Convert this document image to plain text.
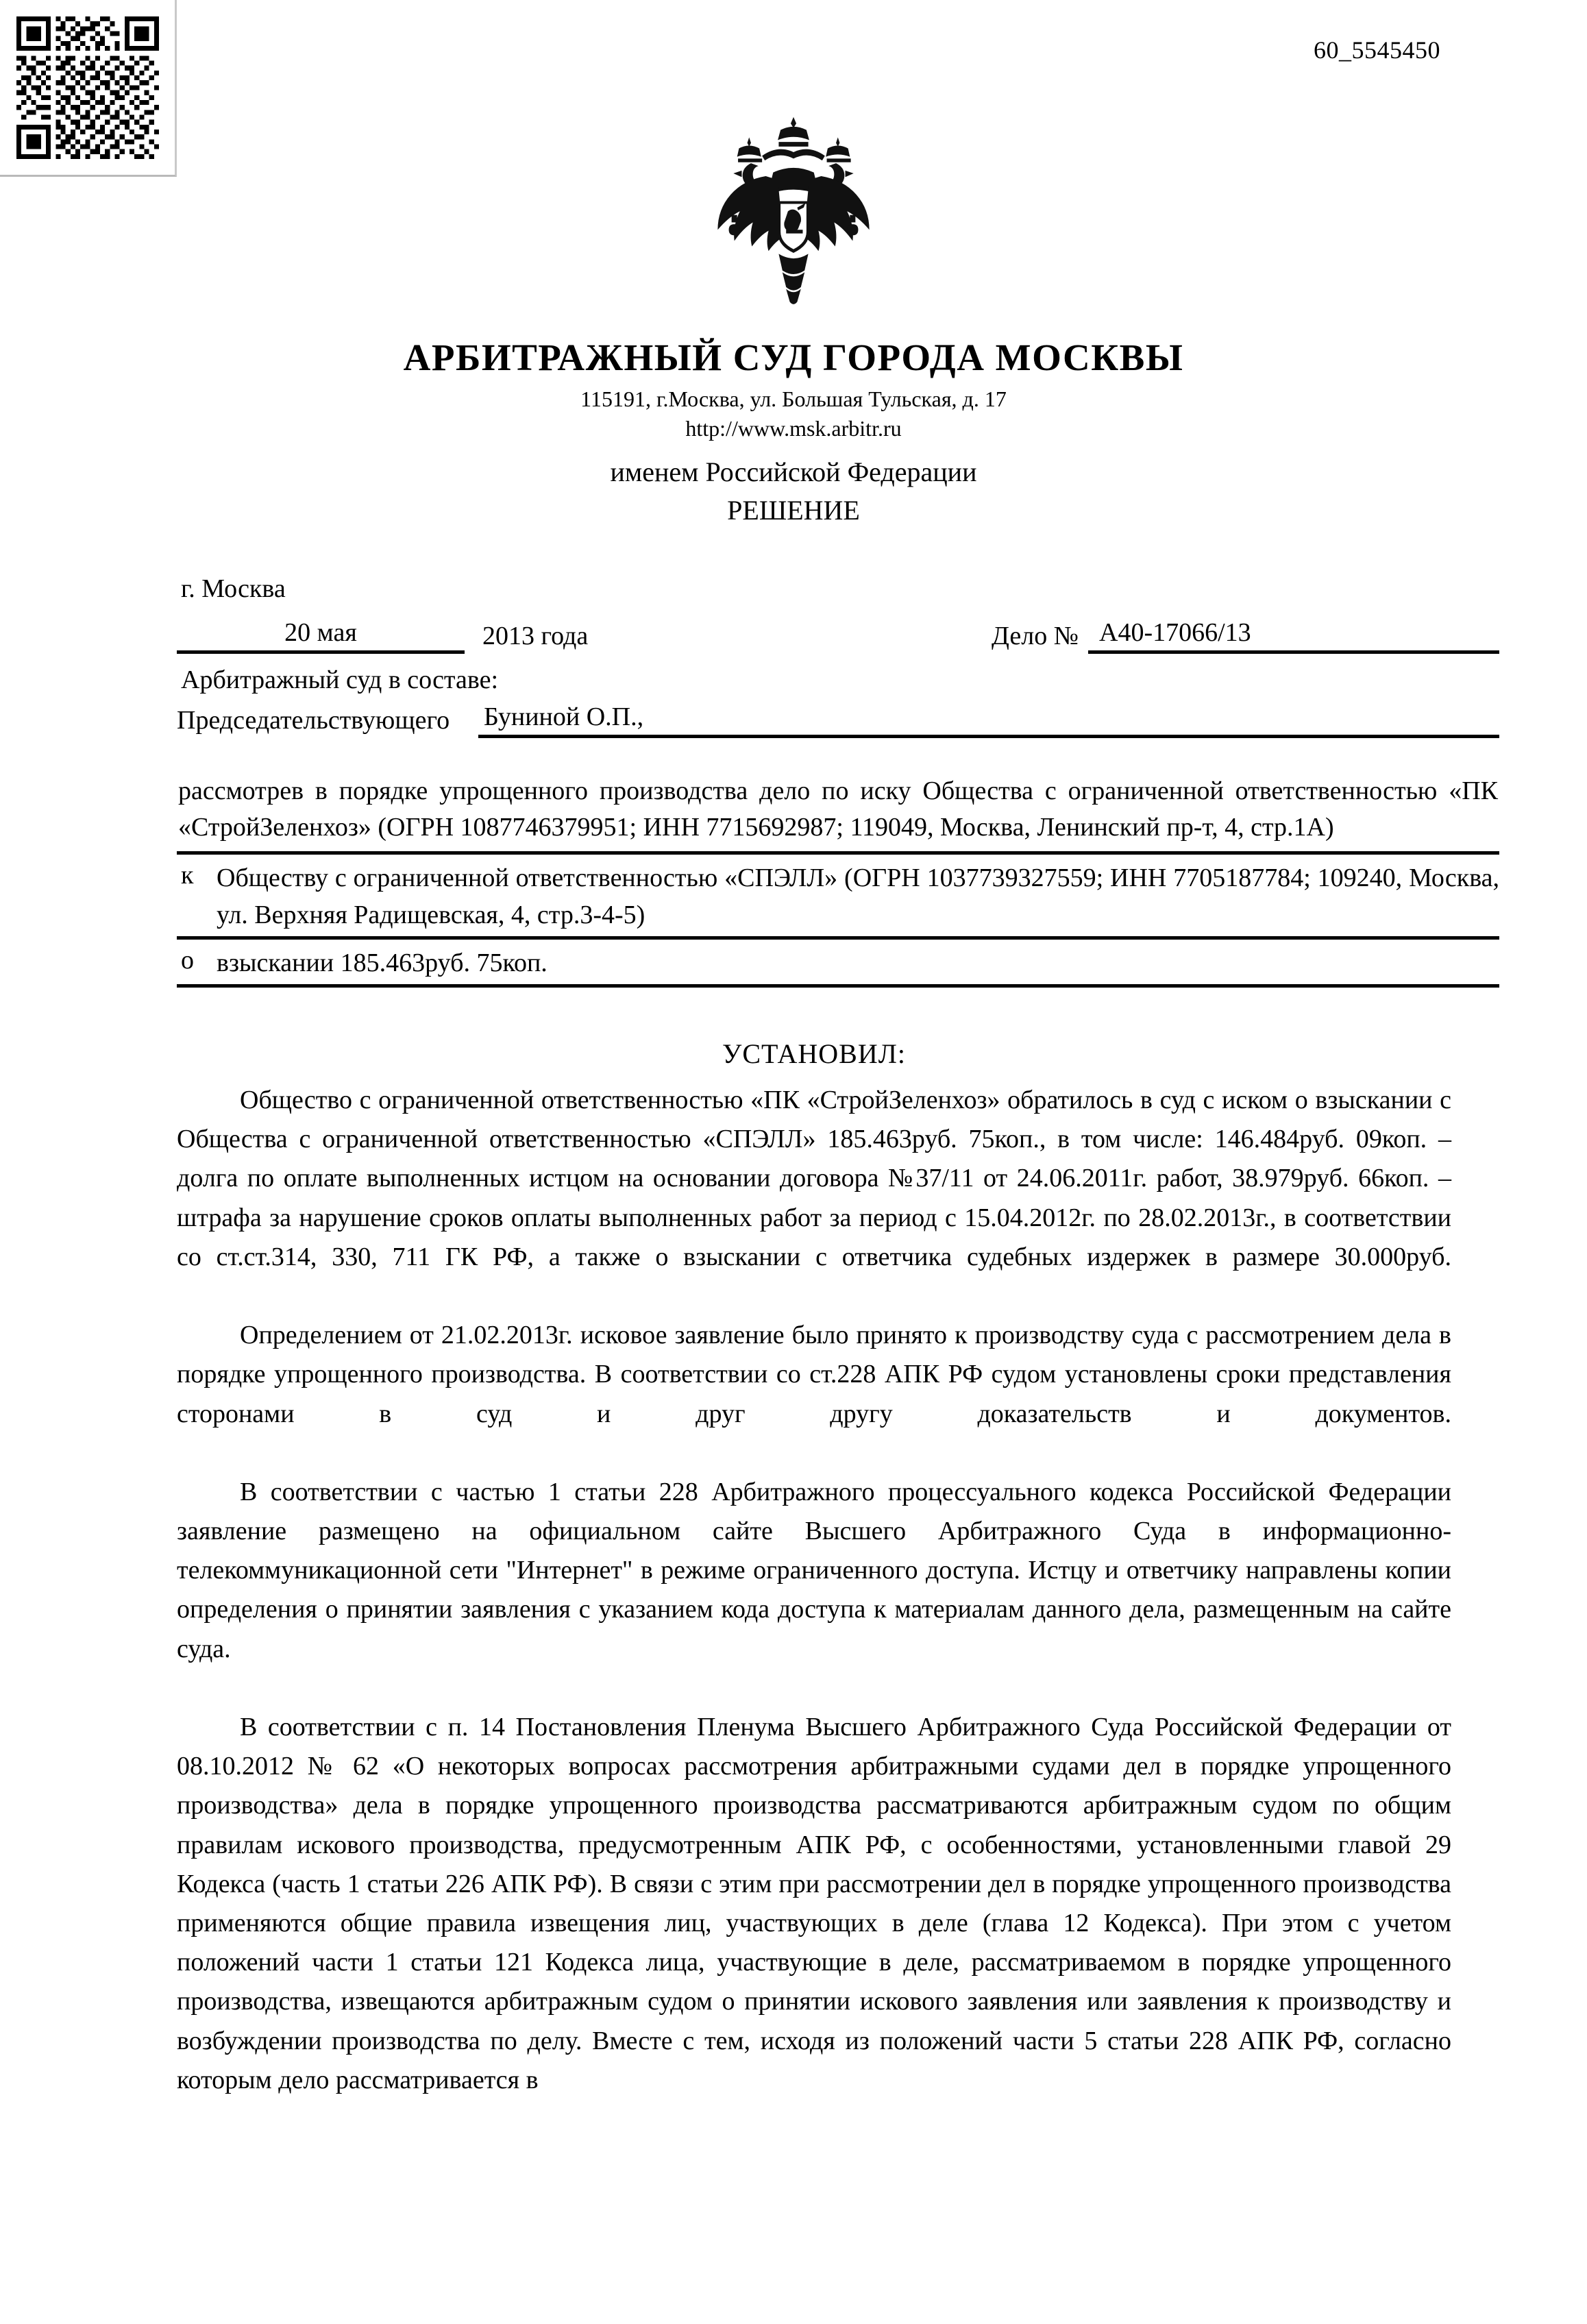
60_5545450
АРБИТРАЖНЫЙ СУД ГОРОДА МОСКВЫ
115191, г.Москва, ул. Большая Тульская, д. 17
http://www.msk.arbitr.ru
именем Российской Федерации
РЕШЕНИЕ
г. Москва
20 мая	2013 года	Дело № А40-17066/13
Арбитражный суд в составе:
Председательствующего	Буниной О.П.,

рассмотрев в порядке упрощенного производства дело по иску Общества с ограниченной ответственностью «ПК «СтройЗеленхоз» (ОГРН 1087746379951; ИНН 7715692987; 119049, Москва, Ленинский пр-т, 4, стр.1А)

к Обществу с ограниченной ответственностью «СПЭЛЛ» (ОГРН 1037739327559; ИНН 7705187784; 109240, Москва, ул. Верхняя Радищевская, 4, стр.3-4-5)
о взыскании 185.463руб. 75коп.
УСТАНОВИЛ:

Общество с ограниченной ответственностью «ПК «СтройЗеленхоз» обратилось в суд с иском о взыскании с Общества с ограниченной ответственностью «СПЭЛЛ» 185.463руб. 75коп., в том числе: 146.484руб. 09коп. – долга по оплате выполненных истцом на основании договора №37/11 от 24.06.2011г. работ, 38.979руб. 66коп. – штрафа за нарушение сроков оплаты выполненных работ за период с 15.04.2012г. по 28.02.2013г., в соответствии со ст.ст.314, 330, 711 ГК РФ, а также о взыскании с ответчика судебных издержек в размере 30.000руб.

Определением от 21.02.2013г. исковое заявление было принято к производству суда с рассмотрением дела в порядке упрощенного производства. В соответствии со ст.228 АПК РФ судом установлены сроки представления сторонами в суд и друг другу доказательств и документов.

В соответствии с частью 1 статьи 228 Арбитражного процессуального кодекса Российской Федерации заявление размещено на официальном сайте Высшего Арбитражного Суда в информационно-телекоммуникационной сети "Интернет" в режиме ограниченного доступа. Истцу и ответчику направлены копии определения о принятии заявления с указанием кода доступа к материалам данного дела, размещенным на сайте суда.

В соответствии с п. 14 Постановления Пленума Высшего Арбитражного Суда Российской Федерации от 08.10.2012 № 62 «О некоторых вопросах рассмотрения арбитражными судами дел в порядке упрощенного производства» дела в порядке упрощенного производства рассматриваются арбитражным судом по общим правилам искового производства, предусмотренным АПК РФ, с особенностями, установленными главой 29 Кодекса (часть 1 статьи 226 АПК РФ). В связи с этим при рассмотрении дел в порядке упрощенного производства применяются общие правила извещения лиц, участвующих в деле (глава 12 Кодекса). При этом с учетом положений части 1 статьи 121 Кодекса лица, участвующие в деле, рассматриваемом в порядке упрощенного производства, извещаются арбитражным судом о принятии искового заявления или заявления к производству и возбуждении производства по делу. Вместе с тем, исходя из положений части 5 статьи 228 АПК РФ, согласно которым дело рассматривается в
